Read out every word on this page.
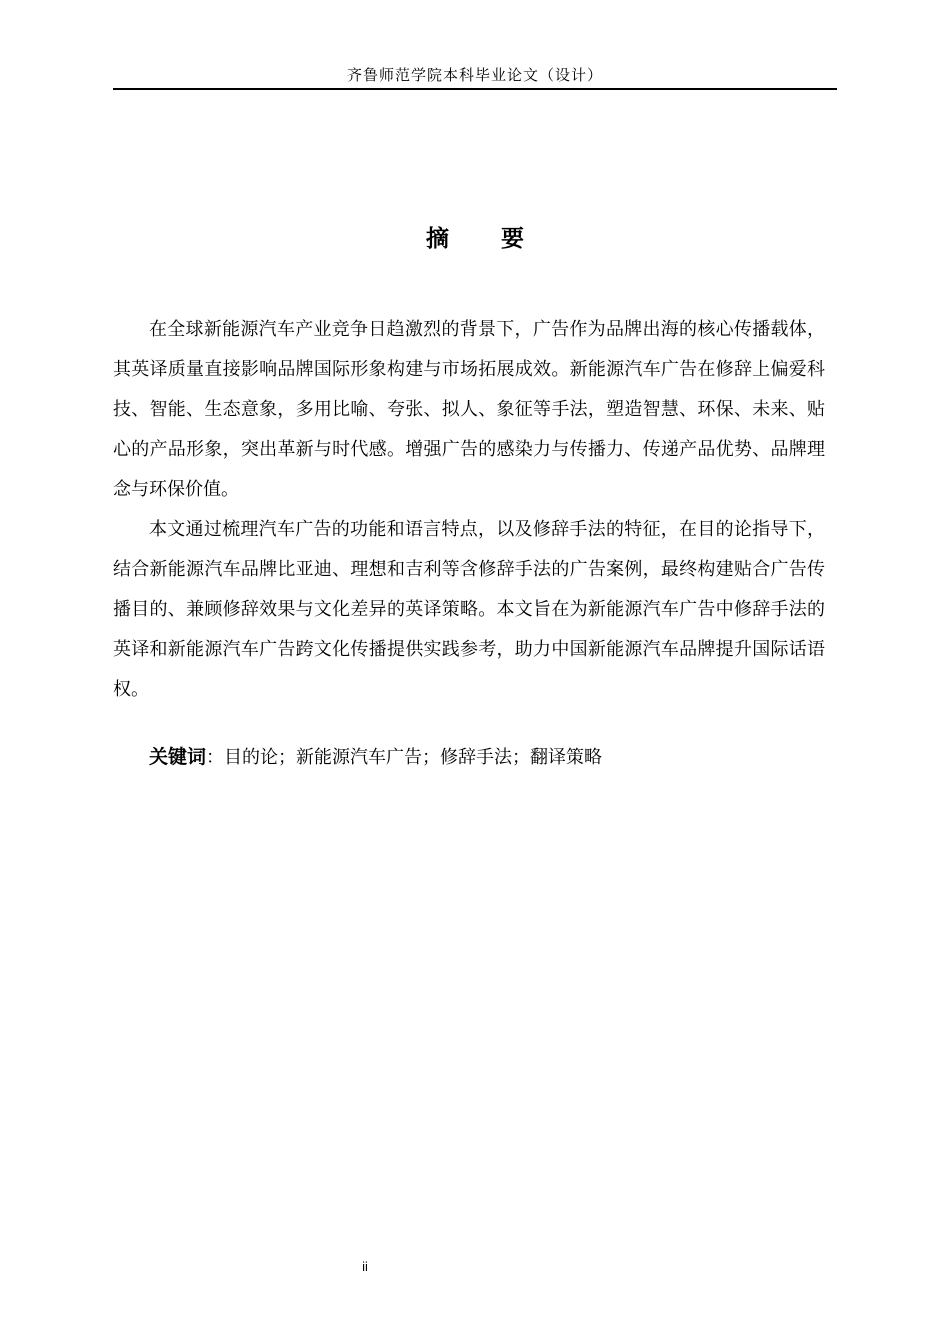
齐鲁师范学院本科毕业论文（设计）
摘 要

在全球新能源汽车产业竞争日趋激烈的背景下，广告作为品牌出海的核心传播载体，其英译质量直接影响品牌国际形象构建与市场拓展成效。新能源汽车广告在修辞上偏爱科技、智能、生态意象，多用比喻、夸张、拟人、象征等手法，塑造智慧、环保、未来、贴心的产品形象，突出革新与时代感。增强广告的感染力与传播力、传递产品优势、品牌理念与环保价值。

本文通过梳理汽车广告的功能和语言特点，以及修辞手法的特征，在目的论指导下，结合新能源汽车品牌比亚迪、理想和吉利等含修辞手法的广告案例，最终构建贴合广告传播目的、兼顾修辞效果与文化差异的英译策略。本文旨在为新能源汽车广告中修辞手法的英译和新能源汽车广告跨文化传播提供实践参考，助力中国新能源汽车品牌提升国际话语权。

关键词：目的论；新能源汽车广告；修辞手法；翻译策略
ii
